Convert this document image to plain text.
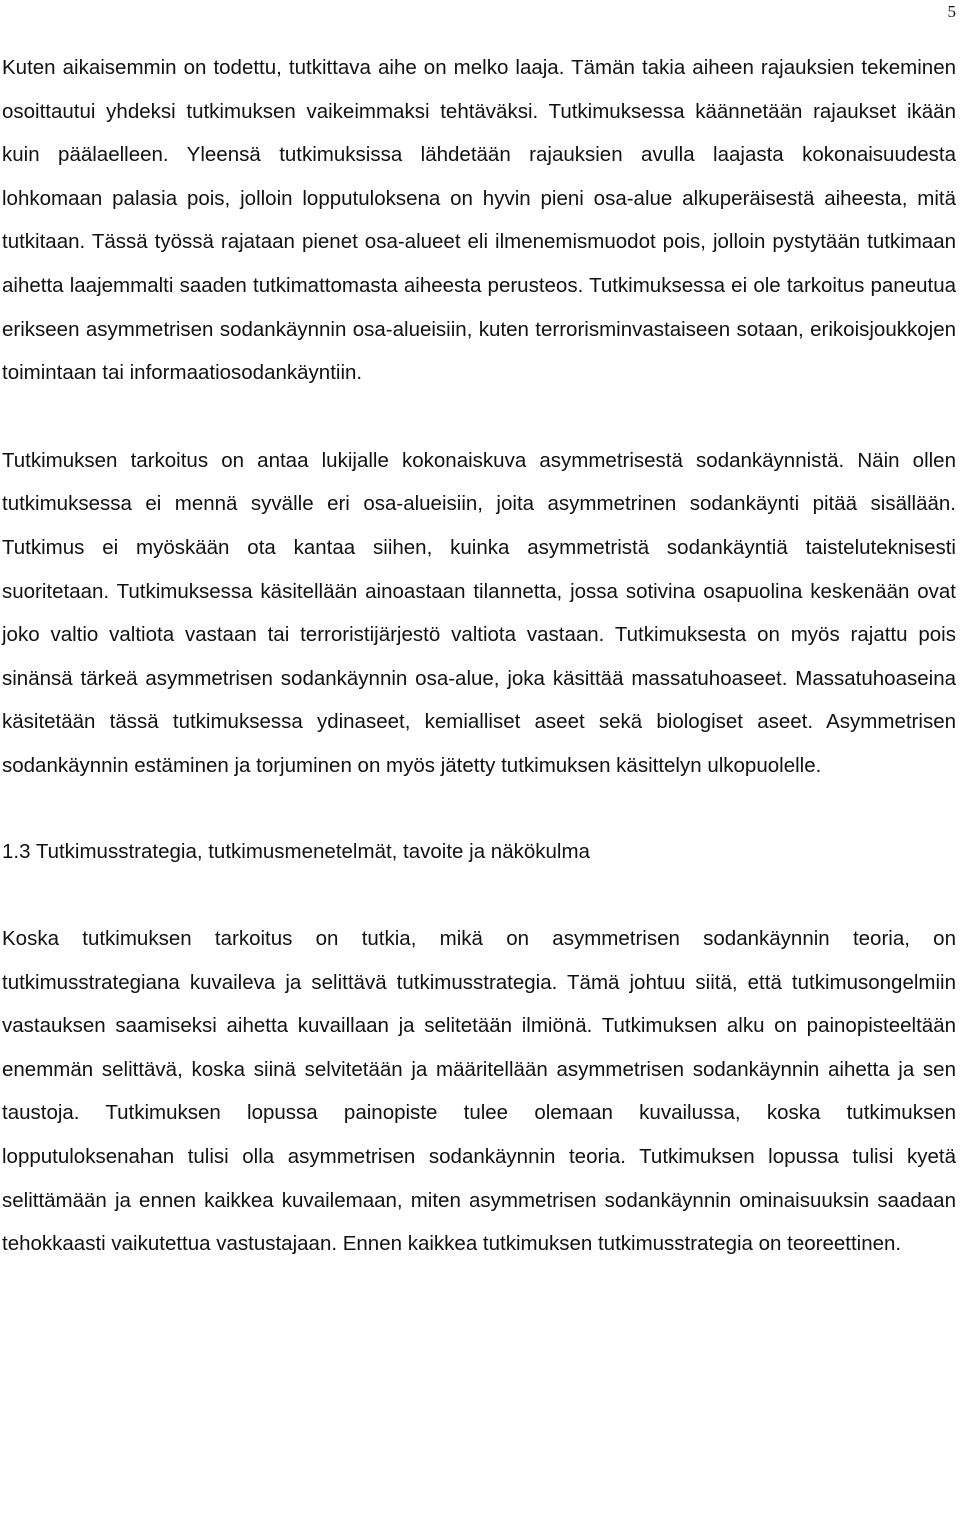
5

Kuten aikaisemmin on todettu, tutkittava aihe on melko laaja. Tämän takia aiheen rajauksien tekeminen osoittautui yhdeksi tutkimuksen vaikeimmaksi tehtäväksi. Tutkimuksessa käännetään rajaukset ikään kuin päälaelleen. Yleensä tutkimuksissa lähdetään rajauksien avulla laajasta kokonaisuudesta lohkomaan palasia pois, jolloin lopputuloksena on hyvin pieni osa-alue alkuperäisestä aiheesta, mitä tutkitaan. Tässä työssä rajataan pienet osa-alueet eli ilmenemismuodot pois, jolloin pystytään tutkimaan aihetta laajemmalti saaden tutkimattomasta aiheesta perusteos. Tutkimuksessa ei ole tarkoitus paneutua erikseen asymmetrisen sodankäynnin osa-alueisiin, kuten terrorisminvastaiseen sotaan, erikoisjoukkojen toimintaan tai informaatiosodankäyntiin.

Tutkimuksen tarkoitus on antaa lukijalle kokonaiskuva asymmetrisestä sodankäynnistä. Näin ollen tutkimuksessa ei mennä syvälle eri osa-alueisiin, joita asymmetrinen sodankäynti pitää sisällään. Tutkimus ei myöskään ota kantaa siihen, kuinka asymmetristä sodankäyntiä taisteluteknisesti suoritetaan. Tutkimuksessa käsitellään ainoastaan tilannetta, jossa sotivina osapuolina keskenään ovat joko valtio valtiota vastaan tai terroristijärjestö valtiota vastaan. Tutkimuksesta on myös rajattu pois sinänsä tärkeä asymmetrisen sodankäynnin osa-alue, joka käsittää massatuhoaseet. Massatuhoaseina käsitetään tässä tutkimuksessa ydinaseet, kemialliset aseet sekä biologiset aseet. Asymmetrisen sodankäynnin estäminen ja torjuminen on myös jätetty tutkimuksen käsittelyn ulkopuolelle.

1.3 Tutkimusstrategia, tutkimusmenetelmät, tavoite ja näkökulma

Koska tutkimuksen tarkoitus on tutkia, mikä on asymmetrisen sodankäynnin teoria, on tutkimusstrategiana kuvaileva ja selittävä tutkimusstrategia. Tämä johtuu siitä, että tutkimusongelmiin vastauksen saamiseksi aihetta kuvaillaan ja selitetään ilmiönä. Tutkimuksen alku on painopisteeltään enemmän selittävä, koska siinä selvitetään ja määritellään asymmetrisen sodankäynnin aihetta ja sen taustoja. Tutkimuksen lopussa painopiste tulee olemaan kuvailussa, koska tutkimuksen lopputuloksenahan tulisi olla asymmetrisen sodankäynnin teoria. Tutkimuksen lopussa tulisi kyetä selittämään ja ennen kaikkea kuvailemaan, miten asymmetrisen sodankäynnin ominaisuuksin saadaan tehokkaasti vaikutettua vastustajaan. Ennen kaikkea tutkimuksen tutkimusstrategia on teoreettinen.
